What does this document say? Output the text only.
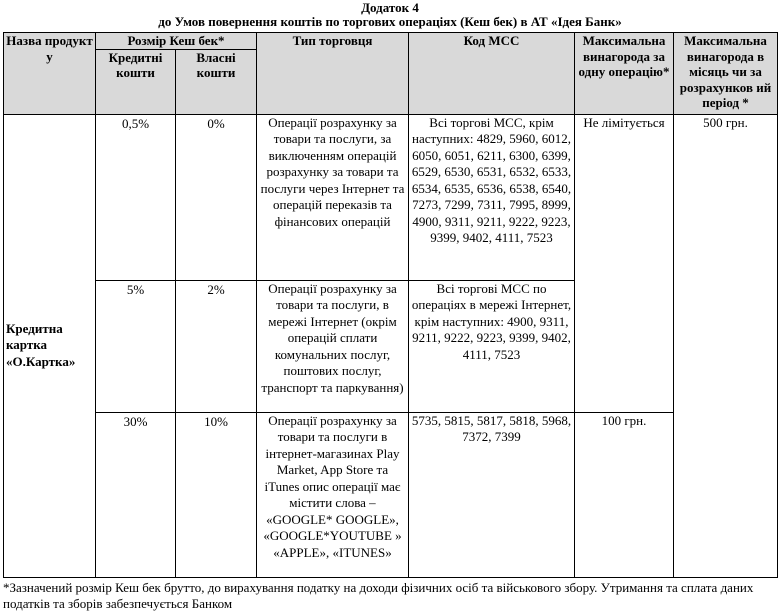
Додаток 4
до Умов повернення коштів по торгових операціях (Кеш бек) в АТ «Ідея Банк»
Назва продукт у	Розмір Кеш бек*		Тип торговця	Код МСС	Максимальна винагорода за одну операцію*	Максимальна винагорода в місяць чи за розрахунков ий період *
	Кредитні кошти	Власні кошти				
Кредитна картка «О.Картка»	0,5%	0%	Операції розрахунку за товари та послуги, за виключенням операцій розрахунку за товари та послуги через Інтернет та операцій переказів та фінансових операцій	Всі торгові МСС, крім наступних: 4829, 5960, 6012, 6050, 6051, 6211, 6300, 6399, 6529, 6530, 6531, 6532, 6533, 6534, 6535, 6536, 6538, 6540, 7273, 7299, 7311, 7995, 8999, 4900, 9311, 9211, 9222, 9223, 9399, 9402, 4111, 7523	Не лімітується	500 грн.
	5%	2%	Операції розрахунку за товари та послуги, в мережі Інтернет (окрім операцій сплати комунальних послуг, поштових послуг, транспорт та паркування)	Всі торгові МСС по операціях в мережі Інтернет, крім наступних: 4900, 9311, 9211, 9222, 9223, 9399, 9402, 4111, 7523		
	30%	10%	Операції розрахунку за товари та послуги в інтернет-магазинах Play Market, App Store та iTunes опис операції має містити слова – «GOOGLE* GOOGLE», «GOOGLE*YOUTUBE » «APPLE», «ITUNES»	5735, 5815, 5817, 5818, 5968, 7372, 7399	100 грн.	
*Зазначений розмір Кеш бек брутто, до вирахування податку на доходи фізичних осіб та військового збору. Утримання та сплата даних податків та зборів забезпечується Банком
